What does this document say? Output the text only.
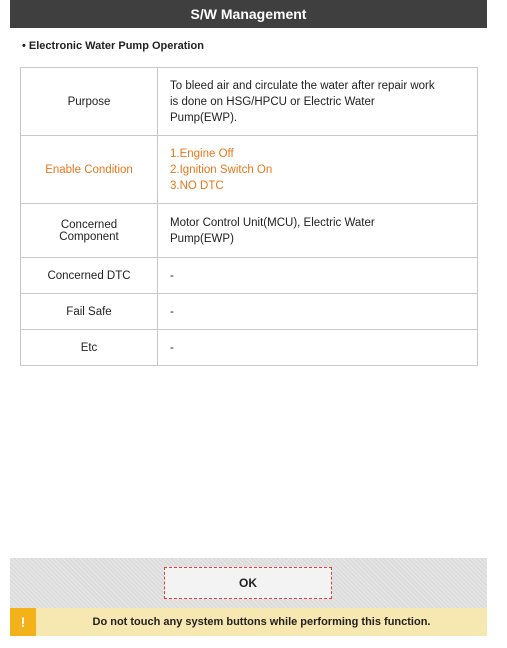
S/W Management
• Electronic Water Pump Operation
Purpose	To bleed air and circulate the water after repair work
is done on HSG/HPCU or Electric Water
Pump(EWP).
Enable Condition	1.Engine Off
2.Ignition Switch On
3.NO DTC
Concerned
Component	Motor Control Unit(MCU), Electric Water
Pump(EWP)
Concerned DTC	-
Fail Safe	-
Etc	-
OK
!	Do not touch any system buttons while performing this function.
